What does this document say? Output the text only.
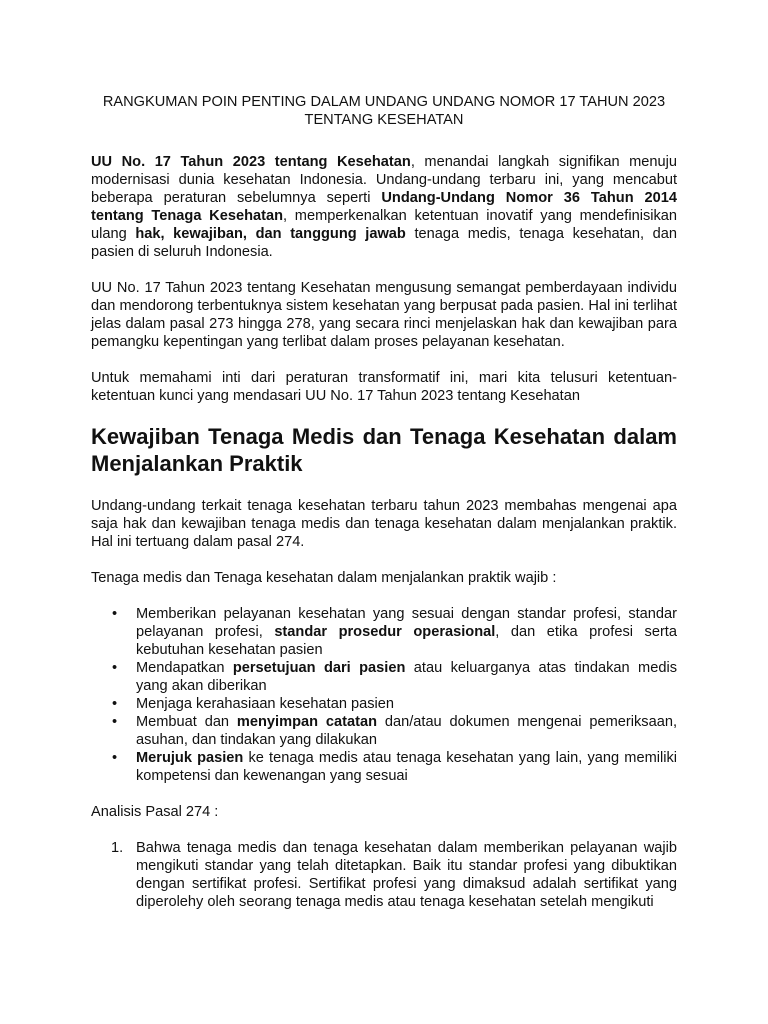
RANGKUMAN POIN PENTING DALAM UNDANG UNDANG NOMOR 17 TAHUN 2023
TENTANG KESEHATAN

UU No. 17 Tahun 2023 tentang Kesehatan, menandai langkah signifikan menuju modernisasi dunia kesehatan Indonesia. Undang-undang terbaru ini, yang mencabut beberapa peraturan sebelumnya seperti Undang-Undang Nomor 36 Tahun 2014 tentang Tenaga Kesehatan, memperkenalkan ketentuan inovatif yang mendefinisikan ulang hak, kewajiban, dan tanggung jawab tenaga medis, tenaga kesehatan, dan pasien di seluruh Indonesia.

UU No. 17 Tahun 2023 tentang Kesehatan mengusung semangat pemberdayaan individu dan mendorong terbentuknya sistem kesehatan yang berpusat pada pasien. Hal ini terlihat jelas dalam pasal 273 hingga 278, yang secara rinci menjelaskan hak dan kewajiban para pemangku kepentingan yang terlibat dalam proses pelayanan kesehatan.

Untuk memahami inti dari peraturan transformatif ini, mari kita telusuri ketentuan-ketentuan kunci yang mendasari UU No. 17 Tahun 2023 tentang Kesehatan

Kewajiban Tenaga Medis dan Tenaga Kesehatan dalam Menjalankan Praktik

Undang-undang terkait tenaga kesehatan terbaru tahun 2023 membahas mengenai apa saja hak dan kewajiban tenaga medis dan tenaga kesehatan dalam menjalankan praktik. Hal ini tertuang dalam pasal 274.

Tenaga medis dan Tenaga kesehatan dalam menjalankan praktik wajib :

• Memberikan pelayanan kesehatan yang sesuai dengan standar profesi, standar pelayanan profesi, standar prosedur operasional, dan etika profesi serta kebutuhan kesehatan pasien
• Mendapatkan persetujuan dari pasien atau keluarganya atas tindakan medis yang akan diberikan
• Menjaga kerahasiaan kesehatan pasien
• Membuat dan menyimpan catatan dan/atau dokumen mengenai pemeriksaan, asuhan, dan tindakan yang dilakukan
• Merujuk pasien ke tenaga medis atau tenaga kesehatan yang lain, yang memiliki kompetensi dan kewenangan yang sesuai

Analisis Pasal 274 :

1. Bahwa tenaga medis dan tenaga kesehatan dalam memberikan pelayanan wajib mengikuti standar yang telah ditetapkan. Baik itu standar profesi yang dibuktikan dengan sertifikat profesi. Sertifikat profesi yang dimaksud adalah sertifikat yang diperolehy oleh seorang tenaga medis atau tenaga kesehatan setelah mengikuti
